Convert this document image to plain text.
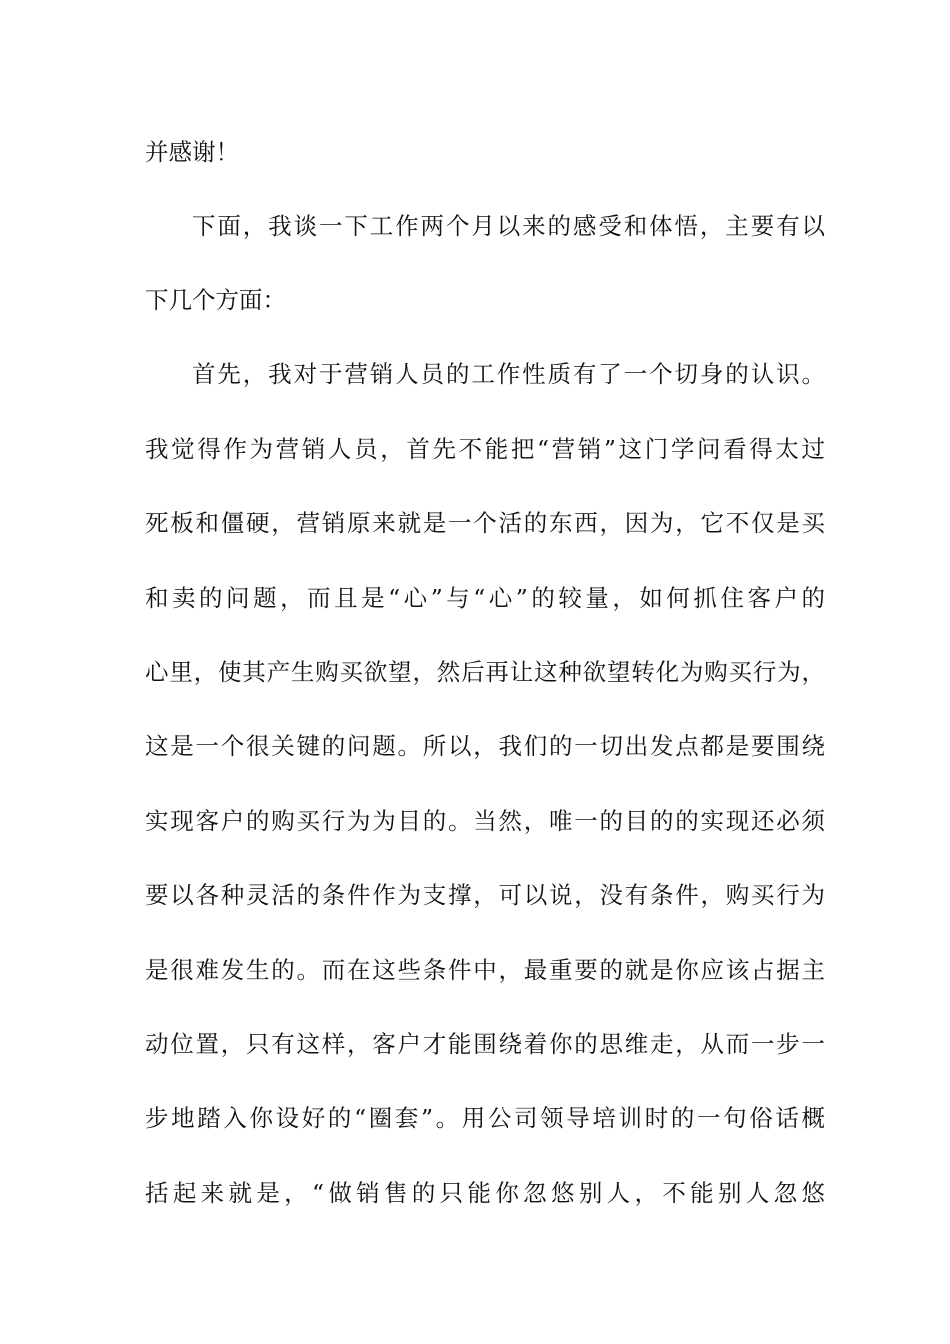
并感谢！

下面，我谈一下工作两个月以来的感受和体悟，主要有以

下几个方面：

首先，我对于营销人员的工作性质有了一个切身的认识。

我觉得作为营销人员，首先不能把“营销”这门学问看得太过

死板和僵硬，营销原来就是一个活的东西，因为，它不仅是买

和卖的问题，而且是“心”与“心”的较量，如何抓住客户的

心里，使其产生购买欲望，然后再让这种欲望转化为购买行为，

这是一个很关键的问题。所以，我们的一切出发点都是要围绕

实现客户的购买行为为目的。当然，唯一的目的的实现还必须

要以各种灵活的条件作为支撑，可以说，没有条件，购买行为

是很难发生的。而在这些条件中，最重要的就是你应该占据主

动位置，只有这样，客户才能围绕着你的思维走，从而一步一

步地踏入你设好的“圈套”。用公司领导培训时的一句俗话概

括起来就是，“做销售的只能你忽悠别人，不能别人忽悠
